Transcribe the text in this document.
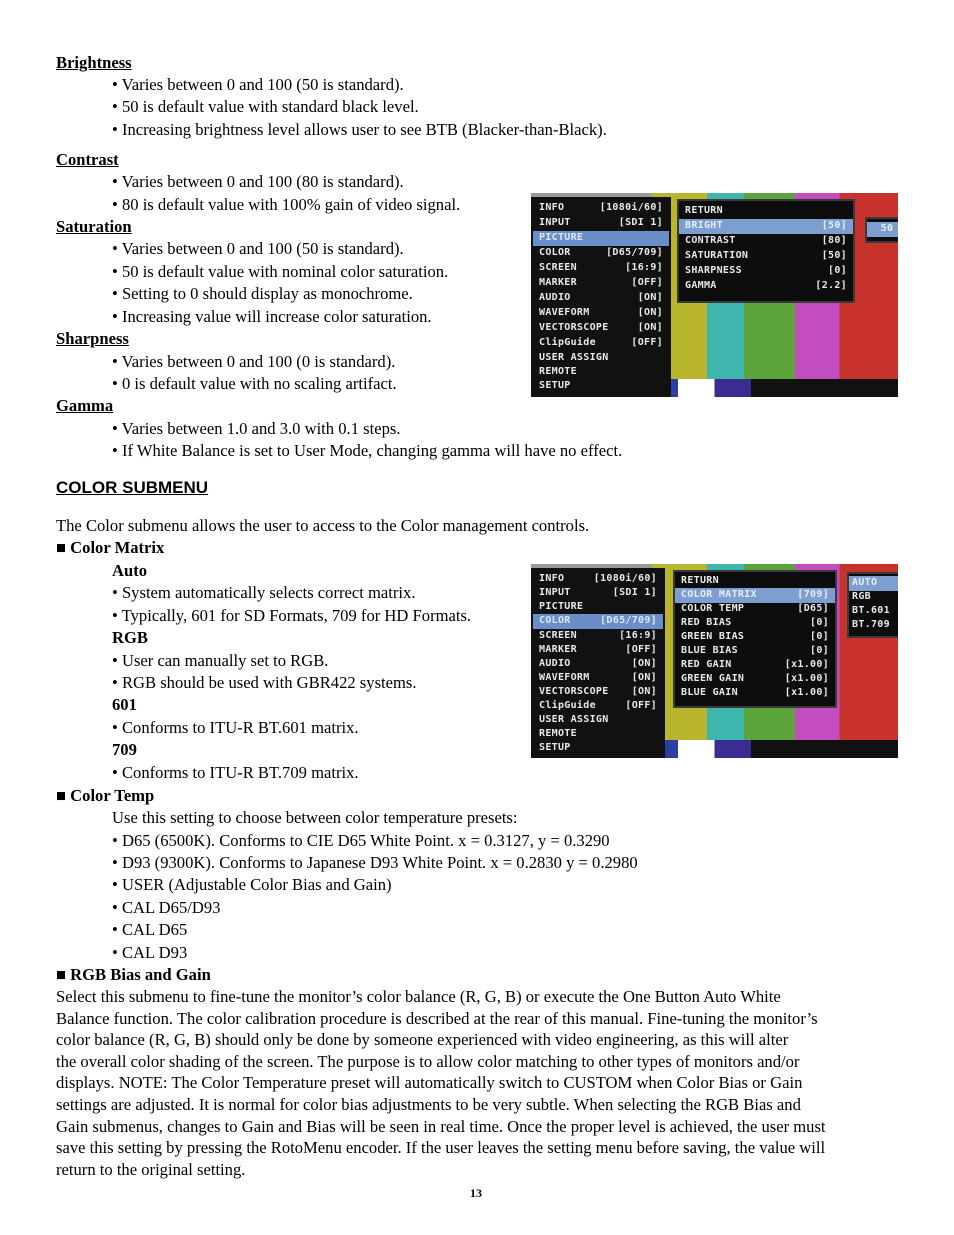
Brightness
• Varies between 0 and 100 (50 is standard).
• 50 is default value with standard black level.
• Increasing brightness level allows user to see BTB (Blacker-than-Black).
Contrast
• Varies between 0 and 100 (80 is standard).
• 80 is default value with 100% gain of video signal.
Saturation
• Varies between 0 and 100 (50 is standard).
• 50 is default value with nominal color saturation.
• Setting to 0 should display as monochrome.
• Increasing value will increase color saturation.
Sharpness
• Varies between 0 and 100 (0 is standard).
• 0 is default value with no scaling artifact.
Gamma
• Varies between 1.0 and 3.0 with 0.1 steps.
• If White Balance is set to User Mode, changing gamma will have no effect.
INFO	[1080i/60]
INPUT	[SDI 1]
PICTURE
COLOR	[D65/709]
SCREEN	[16:9]
MARKER	[OFF]
AUDIO	[ON]
WAVEFORM	[ON]
VECTORSCOPE	[ON]
ClipGuide	[OFF]
USER ASSIGN
REMOTE
SETUP
RETURN
BRIGHT	[50]
CONTRAST	[80]
SATURATION	[50]
SHARPNESS	[0]
GAMMA	[2.2]
50
COLOR SUBMENU
The Color submenu allows the user to access to the Color management controls.
■ Color Matrix
Auto
• System automatically selects correct matrix.
• Typically, 601 for SD Formats, 709 for HD Formats.
RGB
• User can manually set to RGB.
• RGB should be used with GBR422 systems.
601
• Conforms to ITU-R BT.601 matrix.
709
• Conforms to ITU-R BT.709 matrix.
INFO	[1080i/60]
INPUT	[SDI 1]
PICTURE
COLOR	[D65/709]
SCREEN	[16:9]
MARKER	[OFF]
AUDIO	[ON]
WAVEFORM	[ON]
VECTORSCOPE [ON]
ClipGuide	[OFF]
USER ASSIGN
REMOTE
SETUP
RETURN
COLOR MATRIX	[709]
COLOR TEMP	[D65]
RED BIAS	[0]
GREEN BIAS	[0]
BLUE BIAS	[0]
RED GAIN	[x1.00]
GREEN GAIN	[x1.00]
BLUE GAIN	[x1.00]
AUTO
RGB
BT.601
BT.709
■ Color Temp
Use this setting to choose between color temperature presets:
• D65 (6500K). Conforms to CIE D65 White Point. x = 0.3127, y = 0.3290
• D93 (9300K). Conforms to Japanese D93 White Point. x = 0.2830 y = 0.2980
• USER (Adjustable Color Bias and Gain)
• CAL D65/D93
• CAL D65
• CAL D93
■ RGB Bias and Gain

Select this submenu to fine-tune the monitor’s color balance (R, G, B) or execute the One Button Auto White

Balance function. The color calibration procedure is described at the rear of this manual. Fine-tuning the monitor’s

color balance (R, G, B) should only be done by someone experienced with video engineering, as this will alter

the overall color shading of the screen. The purpose is to allow color matching to other types of monitors and/or

displays. NOTE: The Color Temperature preset will automatically switch to CUSTOM when Color Bias or Gain

settings are adjusted. It is normal for color bias adjustments to be very subtle. When selecting the RGB Bias and

Gain submenus, changes to Gain and Bias will be seen in real time. Once the proper level is achieved, the user must

save this setting by pressing the RotoMenu encoder. If the user leaves the setting menu before saving, the value will

return to the original setting.

13
